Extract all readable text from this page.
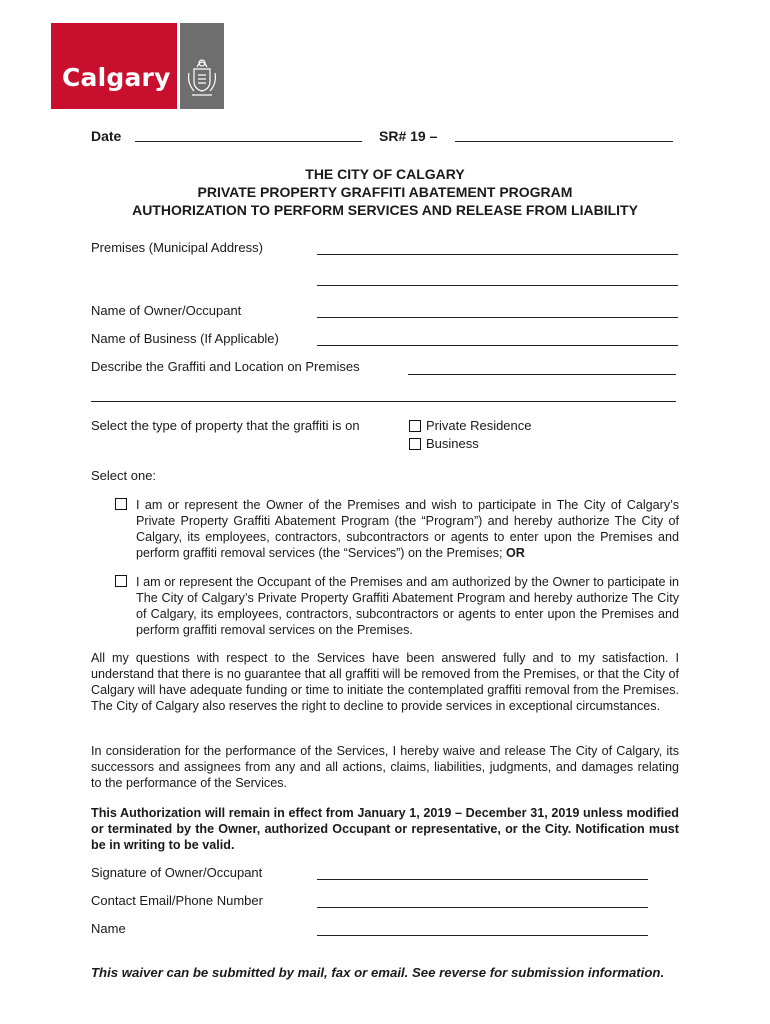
Calgary
Date	SR# 19 –
THE CITY OF CALGARY
PRIVATE PROPERTY GRAFFITI ABATEMENT PROGRAM
AUTHORIZATION TO PERFORM SERVICES AND RELEASE FROM LIABILITY
Premises (Municipal Address)
Name of Owner/Occupant
Name of Business (If Applicable)
Describe the Graffiti and Location on Premises
Select the type of property that the graffiti is on	Private Residence
Business
Select one:
I am or represent the Owner of the Premises and wish to participate in The City of Calgary’s Private Property Graffiti Abatement Program (the “Program”) and hereby authorize The City of Calgary, its employees, contractors, subcontractors or agents to enter upon the Premises and perform graffiti removal services (the “Services”) on the Premises; OR
I am or represent the Occupant of the Premises and am authorized by the Owner to participate in The City of Calgary’s Private Property Graffiti Abatement Program and hereby authorize The City of Calgary, its employees, contractors, subcontractors or agents to enter upon the Premises and perform graffiti removal services on the Premises.
All my questions with respect to the Services have been answered fully and to my satisfaction. I understand that there is no guarantee that all graffiti will be removed from the Premises, or that the City of Calgary will have adequate funding or time to initiate the contemplated graffiti removal from the Premises. The City of Calgary also reserves the right to decline to provide services in exceptional circumstances.
In consideration for the performance of the Services, I hereby waive and release The City of Calgary, its successors and assignees from any and all actions, claims, liabilities, judgments, and damages relating to the performance of the Services.
This Authorization will remain in effect from January 1, 2019 – December 31, 2019 unless modified or terminated by the Owner, authorized Occupant or representative, or the City. Notification must be in writing to be valid.
Signature of Owner/Occupant
Contact Email/Phone Number
Name
This waiver can be submitted by mail, fax or email. See reverse for submission information.
